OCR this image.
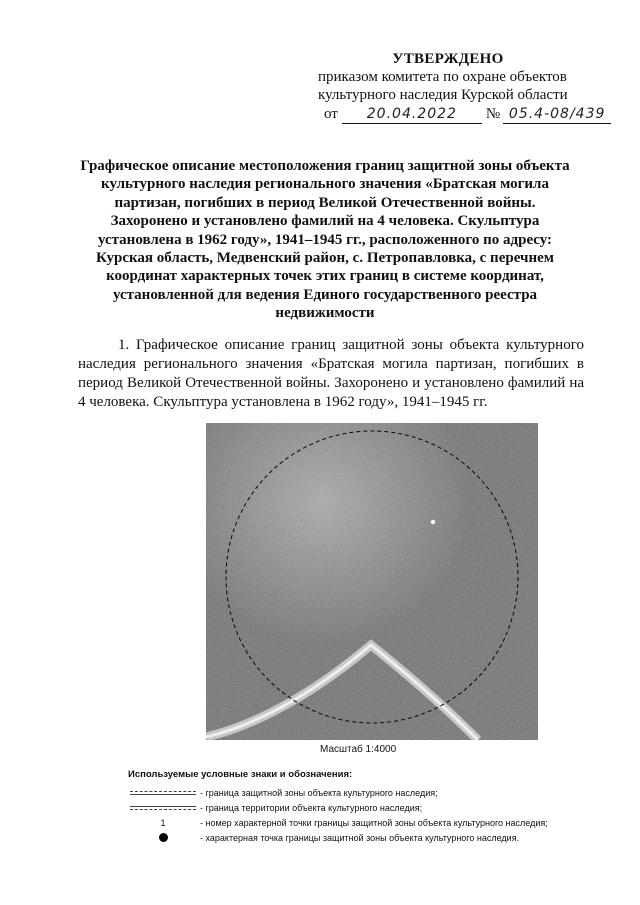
УТВЕРЖДЕНО
приказом комитета по охране объектов
культурного наследия Курской области
от	20.04.2022	№ 05.4-08/439
Графическое описание местоположения границ защитной зоны объекта культурного наследия регионального значения «Братская могила партизан, погибших в период Великой Отечественной войны. Захоронено и установлено фамилий на 4 человека. Скульптура установлена в 1962 году», 1941–1945 гг., расположенного по адресу: Курская область, Медвенский район, с. Петропавловка, с перечнем координат характерных точек этих границ в системе координат, установленной для ведения Единого государственного реестра недвижимости
1. Графическое описание границ защитной зоны объекта культурного наследия регионального значения «Братская могила партизан, погибших в период Великой Отечественной войны. Захоронено и установлено фамилий на 4 человека. Скульптура установлена в 1962 году», 1941–1945 гг.
Масштаб 1:4000
Используемые условные знаки и обозначения:
- граница защитной зоны объекта культурного наследия;
- граница территории объекта культурного наследия;
1	- номер характерной точки границы защитной зоны объекта культурного наследия;
- характерная точка границы защитной зоны объекта культурного наследия.
